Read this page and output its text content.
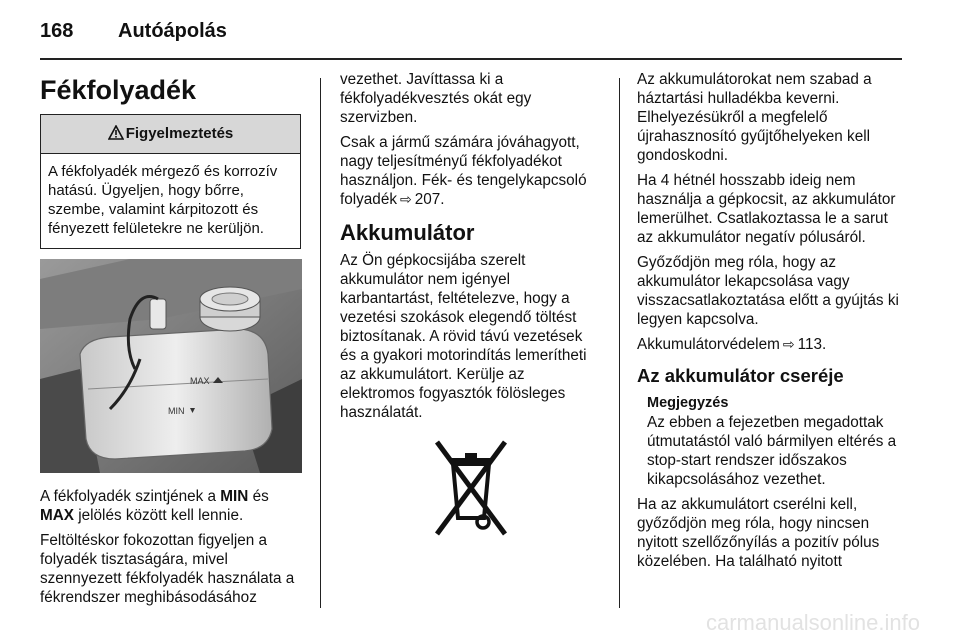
168 Autóápolás
Fékfolyadék
Figyelmeztetés
A fékfolyadék mérgező és korrozív hatású. Ügyeljen, hogy bőrre, szembe, valamint kárpitozott és fényezett felületekre ne kerüljön.
MAX
MIN

A fékfolyadék szintjének a MIN és MAX jelölés között kell lennie.

Feltöltéskor fokozottan figyeljen a folyadék tisztaságára, mivel szennyezett fékfolyadék használata a fékrendszer meghibásodásához

vezethet. Javíttassa ki a fékfolyadékvesztés okát egy szervizben.

Csak a jármű számára jóváhagyott, nagy teljesítményű fékfolyadékot használjon. Fék- és tengelykapcsoló folyadék ⇨ 207.

Akkumulátor

Az Ön gépkocsijába szerelt akkumulátor nem igényel karbantartást, feltételezve, hogy a vezetési szokások elegendő töltést biztosítanak. A rövid távú vezetések és a gyakori motorindítás lemerítheti az akkumulátort. Kerülje az elektromos fogyasztók fölösleges használatát.

Az akkumulátorokat nem szabad a háztartási hulladékba keverni. Elhelyezésükről a megfelelő újrahasznosító gyűjtőhelyeken kell gondoskodni.

Ha 4 hétnél hosszabb ideig nem használja a gépkocsit, az akkumulátor lemerülhet. Csatlakoztassa le a sarut az akkumulátor negatív pólusáról.

Győződjön meg róla, hogy az akkumulátor lekapcsolása vagy visszacsatlakoztatása előtt a gyújtás ki legyen kapcsolva.

Akkumulátorvédelem ⇨ 113.

Az akkumulátor cseréje
Megjegyzés

Az ebben a fejezetben megadottak útmutatástól való bármilyen eltérés a stop-start rendszer időszakos kikapcsolásához vezethet.

Ha az akkumulátort cserélni kell, győződjön meg róla, hogy nincsen nyitott szellőzőnyílás a pozitív pólus közelében. Ha található nyitott

carmanualsonline.info
